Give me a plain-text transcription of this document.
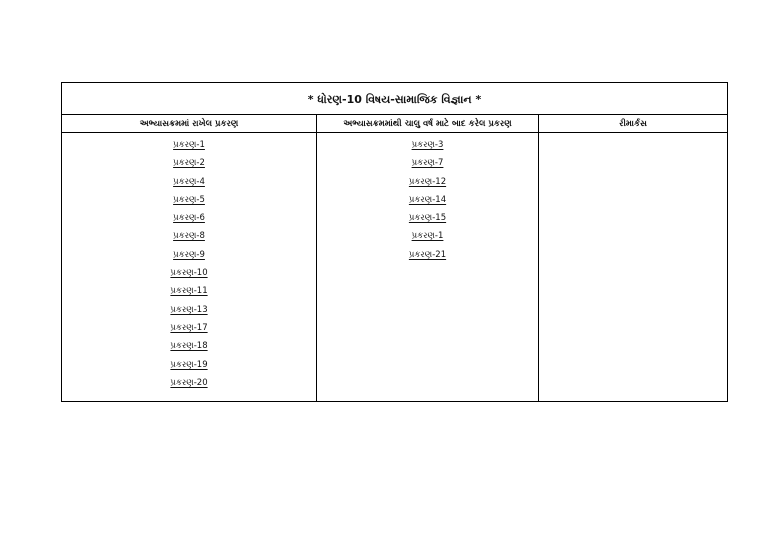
* ધોરણ-10 વિષય-સામાજિક વિજ્ઞાન *
અભ્યાસક્રમમાં રાખેલ પ્રકરણ	અભ્યાસક્રમમાંથી ચાલુ વર્ષ માટે બાદ કરેલ પ્રકરણ	રીમાર્કસ
પ્રકરણ-1
પ્રકરણ-2
પ્રકરણ-4
પ્રકરણ-5
પ્રકરણ-6
પ્રકરણ-8
પ્રકરણ-9
પ્રકરણ-10
પ્રકરણ-11
પ્રકરણ-13
પ્રકરણ-17
પ્રકરણ-18
પ્રકરણ-19
પ્રકરણ-20
પ્રકરણ-3
પ્રકરણ-7
પ્રકરણ-12
પ્રકરણ-14
પ્રકરણ-15
પ્રકરણ-1
પ્રકરણ-21
